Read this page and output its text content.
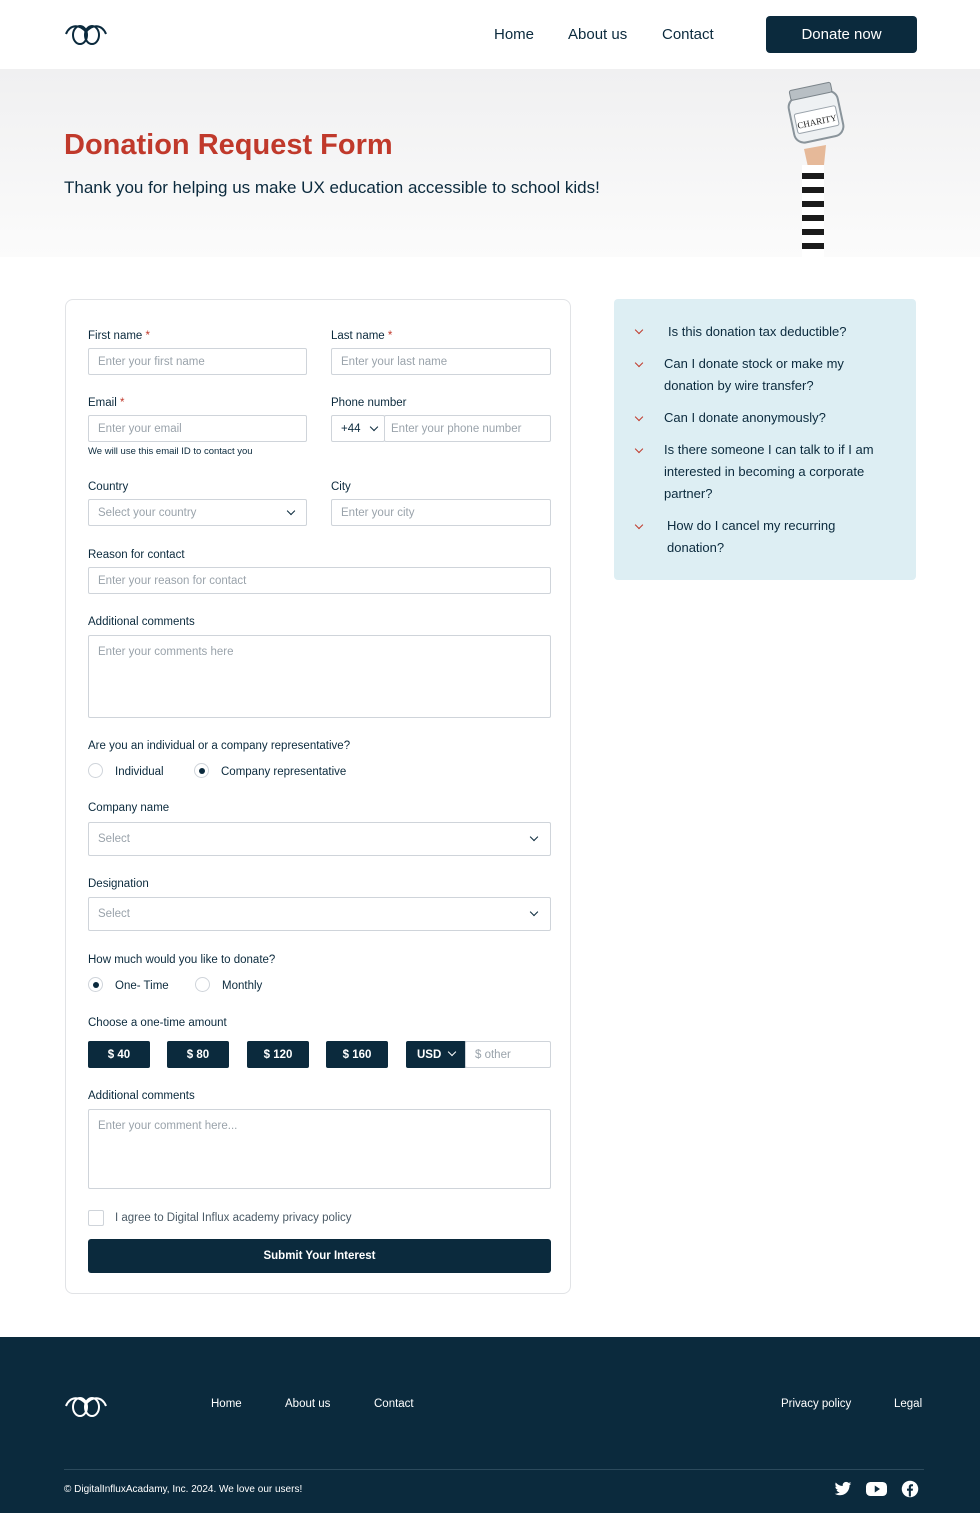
Home About us Contact	Donate now
Donation Request Form

Thank you for helping us make UX education accessible to school kids!

CHARITY
First name *
Enter your first name
Last name *
Enter your last name
Email *
Enter your email
We will use this email ID to contact you
Phone number
+44	Enter your phone number
Country
Select your country
City
Enter your city
Reason for contact
Enter your reason for contact
Additional comments
Enter your comments here
Are you an individual or a company representative?
Individual	Company representative
Company name
Select
Designation
Select
How much would you like to donate?
One- Time	Monthly
Choose a one-time amount
$ 40	$ 80	$ 120	$ 160	USD	$ other
Additional comments
Enter your comment here...
I agree to Digital Influx academy privacy policy
Submit Your Interest
Is this donation tax deductible?
Can I donate stock or make my donation by wire transfer?
Can I donate anonymously?
Is there someone I can talk to if I am interested in becoming a corporate partner?
How do I cancel my recurring donation?
Home	About us	Contact	Privacy policy	Legal
© DigitalInfluxAcadamy, Inc. 2024. We love our users!
